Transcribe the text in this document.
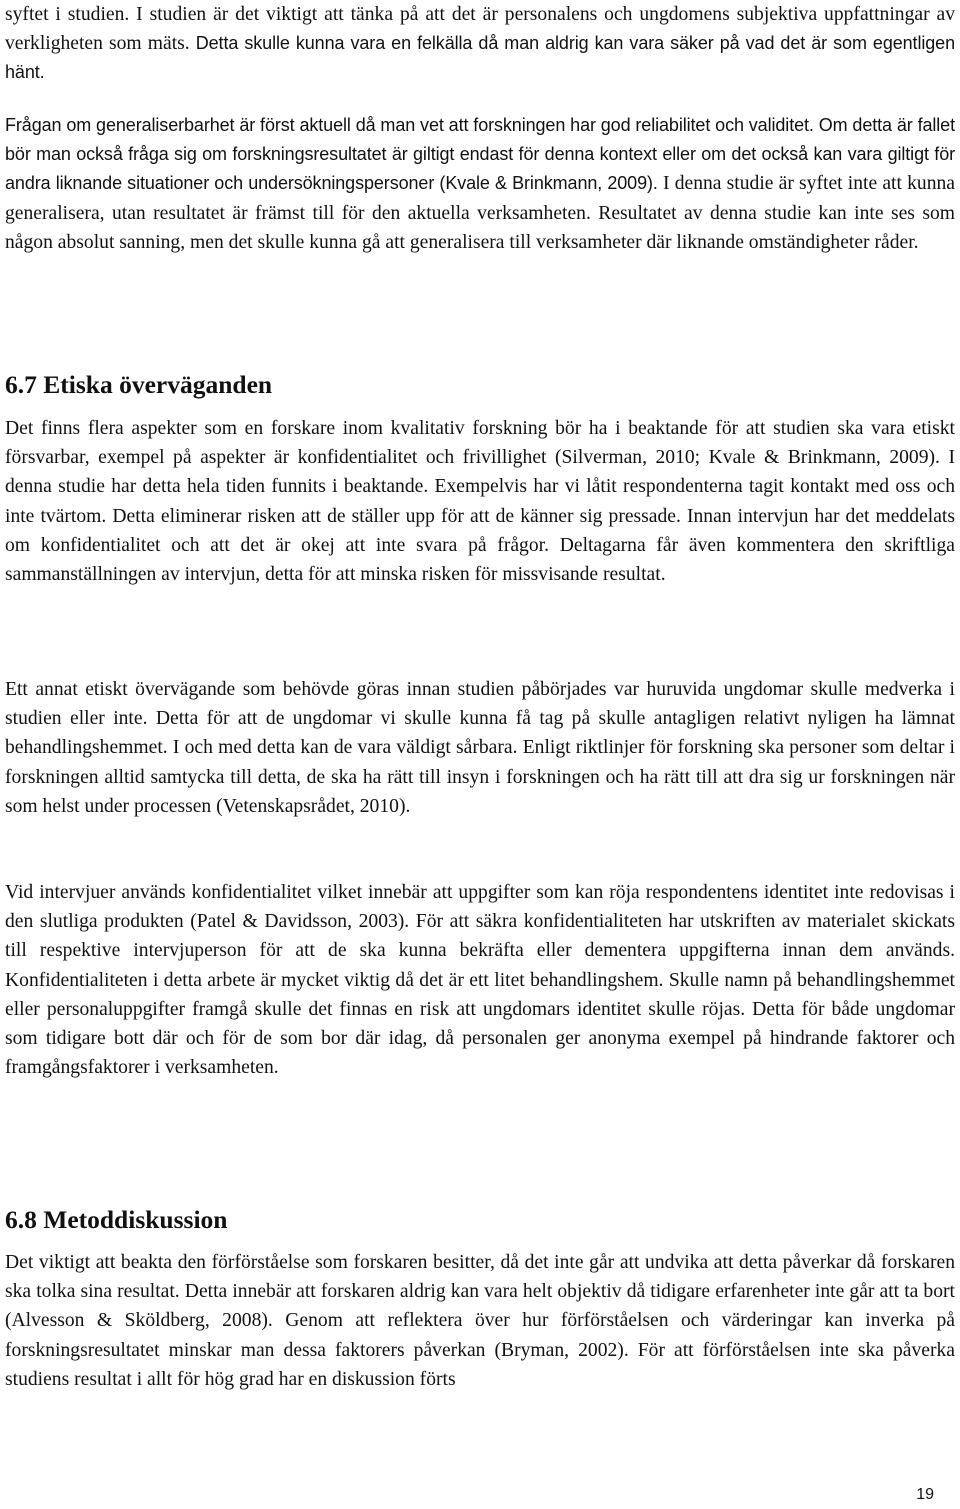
syftet i studien. I studien är det viktigt att tänka på att det är personalens och ungdomens subjektiva uppfattningar av verkligheten som mäts. Detta skulle kunna vara en felkälla då man aldrig kan vara säker på vad det är som egentligen hänt.

Frågan om generaliserbarhet är först aktuell då man vet att forskningen har god reliabilitet och validitet. Om detta är fallet bör man också fråga sig om forskningsresultatet är giltigt endast för denna kontext eller om det också kan vara giltigt för andra liknande situationer och undersökningspersoner (Kvale & Brinkmann, 2009). I denna studie är syftet inte att kunna generalisera, utan resultatet är främst till för den aktuella verksamheten. Resultatet av denna studie kan inte ses som någon absolut sanning, men det skulle kunna gå att generalisera till verksamheter där liknande omständigheter råder.

6.7 Etiska överväganden

Det finns flera aspekter som en forskare inom kvalitativ forskning bör ha i beaktande för att studien ska vara etiskt försvarbar, exempel på aspekter är konfidentialitet och frivillighet (Silverman, 2010; Kvale & Brinkmann, 2009). I denna studie har detta hela tiden funnits i beaktande. Exempelvis har vi låtit respondenterna tagit kontakt med oss och inte tvärtom. Detta eliminerar risken att de ställer upp för att de känner sig pressade. Innan intervjun har det meddelats om konfidentialitet och att det är okej att inte svara på frågor. Deltagarna får även kommentera den skriftliga sammanställningen av intervjun, detta för att minska risken för missvisande resultat.

Ett annat etiskt övervägande som behövde göras innan studien påbörjades var huruvida ungdomar skulle medverka i studien eller inte. Detta för att de ungdomar vi skulle kunna få tag på skulle antagligen relativt nyligen ha lämnat behandlingshemmet. I och med detta kan de vara väldigt sårbara. Enligt riktlinjer för forskning ska personer som deltar i forskningen alltid samtycka till detta, de ska ha rätt till insyn i forskningen och ha rätt till att dra sig ur forskningen när som helst under processen (Vetenskapsrådet, 2010).

Vid intervjuer används konfidentialitet vilket innebär att uppgifter som kan röja respondentens identitet inte redovisas i den slutliga produkten (Patel & Davidsson, 2003). För att säkra konfidentialiteten har utskriften av materialet skickats till respektive intervjuperson för att de ska kunna bekräfta eller dementera uppgifterna innan dem används. Konfidentialiteten i detta arbete är mycket viktig då det är ett litet behandlingshem. Skulle namn på behandlingshemmet eller personaluppgifter framgå skulle det finnas en risk att ungdomars identitet skulle röjas. Detta för både ungdomar som tidigare bott där och för de som bor där idag, då personalen ger anonyma exempel på hindrande faktorer och framgångsfaktorer i verksamheten.

6.8 Metoddiskussion

Det viktigt att beakta den förförståelse som forskaren besitter, då det inte går att undvika att detta påverkar då forskaren ska tolka sina resultat. Detta innebär att forskaren aldrig kan vara helt objektiv då tidigare erfarenheter inte går att ta bort (Alvesson & Sköldberg, 2008). Genom att reflektera över hur förförståelsen och värderingar kan inverka på forskningsresultatet minskar man dessa faktorers påverkan (Bryman, 2002). För att förförståelsen inte ska påverka studiens resultat i allt för hög grad har en diskussion förts

19
